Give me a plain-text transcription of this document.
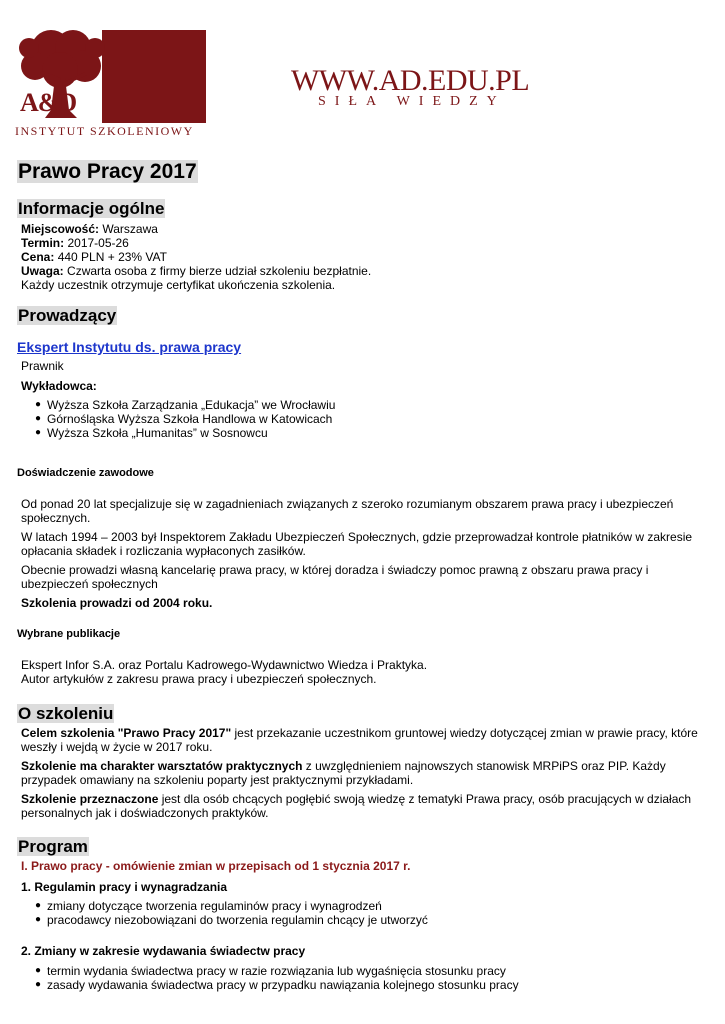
A&D
INSTYTUT SZKOLENIOWY
WWW.AD.EDU.PL
SIŁA WIEDZY
Prawo Pracy 2017
Informacje ogólne
Miejscowość: Warszawa
Termin: 2017-05-26
Cena: 440 PLN + 23% VAT
Uwaga: Czwarta osoba z firmy bierze udział szkoleniu bezpłatnie.
Każdy uczestnik otrzymuje certyfikat ukończenia szkolenia.
Prowadzący
Ekspert Instytutu ds. prawa pracy
Prawnik
Wykładowca:
● Wyższa Szkoła Zarządzania „Edukacja” we Wrocławiu
● Górnośląska Wyższa Szkoła Handlowa w Katowicach
● Wyższa Szkoła „Humanitas” w Sosnowcu
Doświadczenie zawodowe

Od ponad 20 lat specjalizuje się w zagadnieniach związanych z szeroko rozumianym obszarem prawa pracy i ubezpieczeń społecznych.

W latach 1994 – 2003 był Inspektorem Zakładu Ubezpieczeń Społecznych, gdzie przeprowadzał kontrole płatników w zakresie opłacania składek i rozliczania wypłaconych zasiłków.

Obecnie prowadzi własną kancelarię prawa pracy, w której doradza i świadczy pomoc prawną z obszaru prawa pracy i ubezpieczeń społecznych

Szkolenia prowadzi od 2004 roku.

Wybrane publikacje
Ekspert Infor S.A. oraz Portalu Kadrowego-Wydawnictwo Wiedza i Praktyka.
Autor artykułów z zakresu prawa pracy i ubezpieczeń społecznych.
O szkoleniu

Celem szkolenia "Prawo Pracy 2017" jest przekazanie uczestnikom gruntowej wiedzy dotyczącej zmian w prawie pracy, które weszły i wejdą w życie w 2017 roku.

Szkolenie ma charakter warsztatów praktycznych z uwzględnieniem najnowszych stanowisk MRPiPS oraz PIP. Każdy przypadek omawiany na szkoleniu poparty jest praktycznymi przykładami.

Szkolenie przeznaczone jest dla osób chcących pogłębić swoją wiedzę z tematyki Prawa pracy, osób pracujących w działach personalnych jak i doświadczonych praktyków.

Program
I. Prawo pracy - omówienie zmian w przepisach od 1 stycznia 2017 r.
1. Regulamin pracy i wynagradzania
● zmiany dotyczące tworzenia regulaminów pracy i wynagrodzeń
● pracodawcy niezobowiązani do tworzenia regulamin chcący je utworzyć
2. Zmiany w zakresie wydawania świadectw pracy
● termin wydania świadectwa pracy w razie rozwiązania lub wygaśnięcia stosunku pracy
● zasady wydawania świadectwa pracy w przypadku nawiązania kolejnego stosunku pracy
